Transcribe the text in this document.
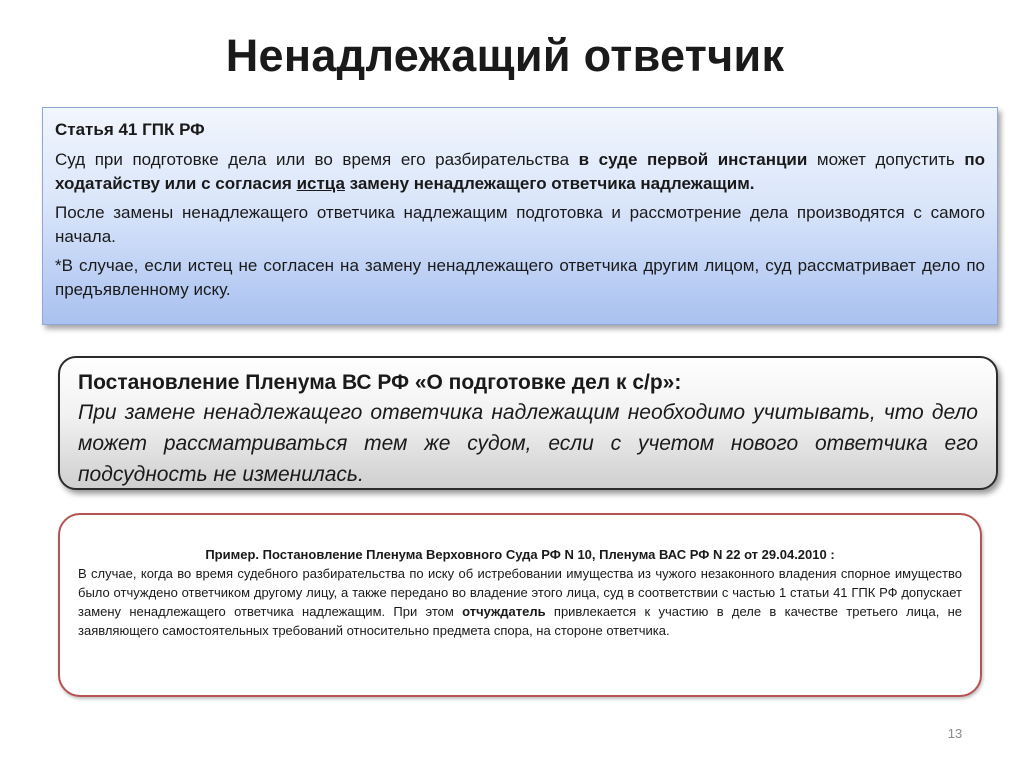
Ненадлежащий ответчик

Статья 41 ГПК РФ

Суд при подготовке дела или во время его разбирательства в суде первой инстанции может допустить по ходатайству или с согласия истца замену ненадлежащего ответчика надлежащим.

После замены ненадлежащего ответчика надлежащим подготовка и рассмотрение дела производятся с самого начала.

*В случае, если истец не согласен на замену ненадлежащего ответчика другим лицом, суд рассматривает дело по предъявленному иску.

Постановление Пленума ВС РФ «О подготовке дел к с/р»:

При замене ненадлежащего ответчика надлежащим необходимо учитывать, что дело может рассматриваться тем же судом, если с учетом нового ответчика его подсудность не изменилась.

Пример. Постановление Пленума Верховного Суда РФ N 10, Пленума ВАС РФ N 22 от 29.04.2010 :

В случае, когда во время судебного разбирательства по иску об истребовании имущества из чужого незаконного владения спорное имущество было отчуждено ответчиком другому лицу, а также передано во владение этого лица, суд в соответствии с частью 1 статьи 41 ГПК РФ допускает замену ненадлежащего ответчика надлежащим. При этом отчуждатель привлекается к участию в деле в качестве третьего лица, не заявляющего самостоятельных требований относительно предмета спора, на стороне ответчика.

13
